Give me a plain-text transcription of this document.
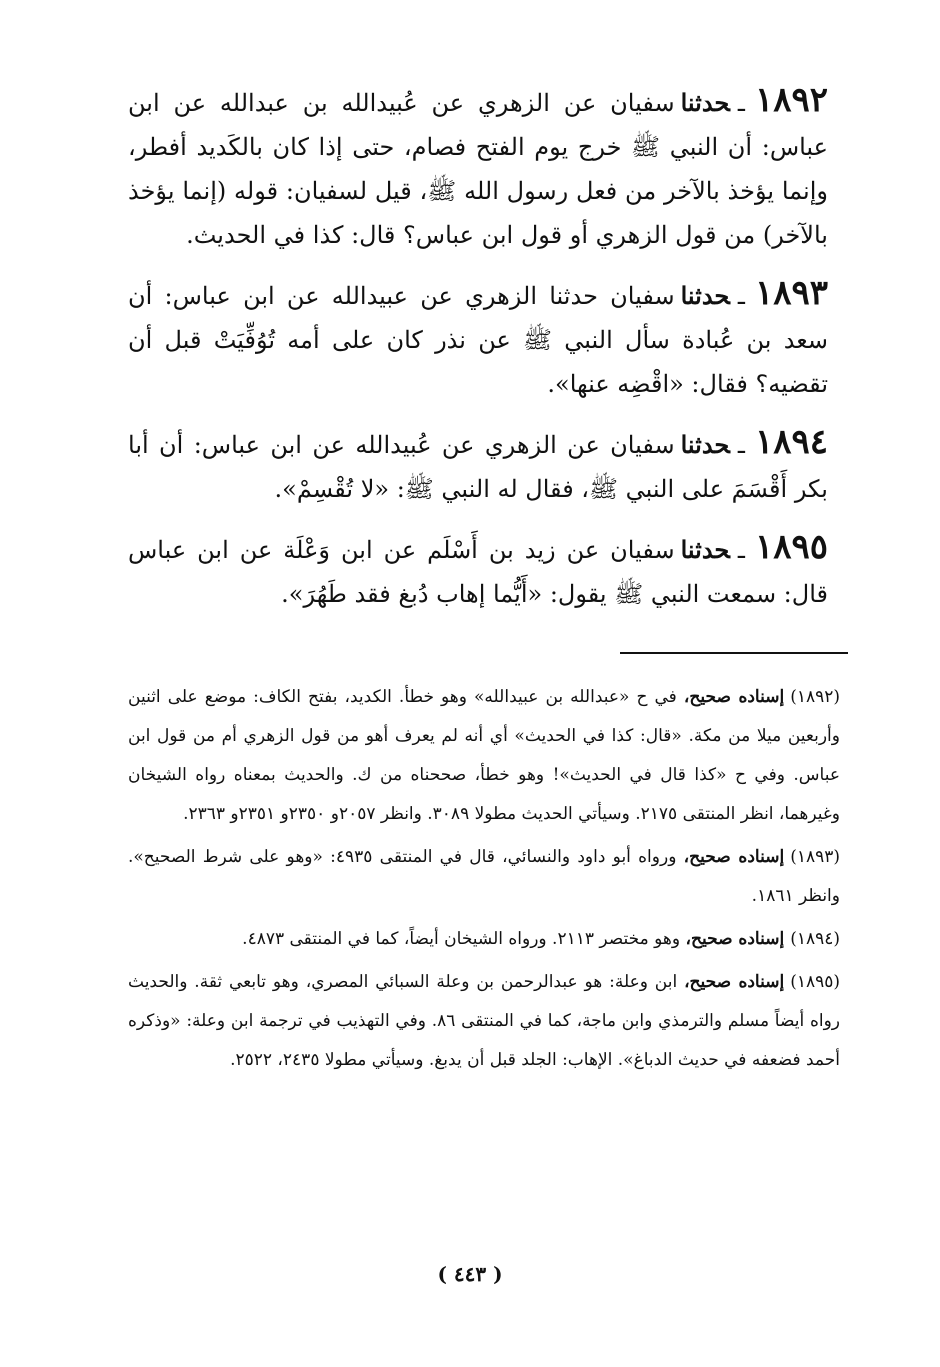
١٨٩٢ـحدثناسفيان عن الزهري عن عُبيدالله بن عبدالله عن ابن عباس: أن النبي ﷺ خرج يوم الفتح فصام، حتى إذا كان بالكَديد أفطر، وإنما يؤخذ بالآخر من فعل رسول الله ﷺ، قيل لسفيان: قوله (إنما يؤخذ بالآخر) من قول الزهري أو قول ابن عباس؟ قال: كذا في الحديث.

١٨٩٣ـحدثناسفيان حدثنا الزهري عن عبيدالله عن ابن عباس: أن سعد بن عُبادة سأل النبي ﷺ عن نذر كان على أمه تُوُفِّيَتْ قبل أن تقضيه؟ فقال: «اقْضِه عنها».

١٨٩٤ـحدثناسفيان عن الزهري عن عُبيدالله عن ابن عباس: أن أبا بكر أَقْسَمَ على النبي ﷺ، فقال له النبي ﷺ: «لا تُقْسِمْ».

١٨٩٥ـحدثناسفيان عن زيد بن أَسْلَم عن ابن وَعْلَة عن ابن عباس قال: سمعت النبي ﷺ يقول: «أَيُّما إهاب دُبغ فقد طَهُرَ».

(١٨٩٢)إسناده صحيح، في ح «عبدالله بن عبيدالله» وهو خطأ. الكديد، بفتح الكاف: موضع على اثنين وأربعين ميلا من مكة. «قال: كذا في الحديث» أي أنه لم يعرف أهو من قول الزهري أم من قول ابن عباس. وفي ح «كذا قال في الحديث»! وهو خطأ، صححناه من ك. والحديث بمعناه رواه الشيخان وغيرهما، انظر المنتقى ٢١٧٥. وسيأتي الحديث مطولا ٣٠٨٩. وانظر ٢٠٥٧و ٢٣٥٠و ٢٣٥١و ٢٣٦٣.

(١٨٩٣)إسناده صحيح، ورواه أبو داود والنسائي، قال في المنتقى ٤٩٣٥: «وهو على شرط الصحيح». وانظر ١٨٦١.

(١٨٩٤)إسناده صحيح، وهو مختصر ٢١١٣. ورواه الشيخان أيضاً، كما في المنتقى ٤٨٧٣.

(١٨٩٥)إسناده صحيح، ابن وعلة: هو عبدالرحمن بن وعلة السبائي المصري، وهو تابعي ثقة. والحديث رواه أيضاً مسلم والترمذي وابن ماجة، كما في المنتقى ٨٦. وفي التهذيب في ترجمة ابن وعلة: «وذكره أحمد فضعفه في حديث الدباغ». الإهاب: الجلد قبل أن يدبغ. وسيأتي مطولا ٢٤٣٥، ٢٥٢٢.

( ٤٤٣ )
